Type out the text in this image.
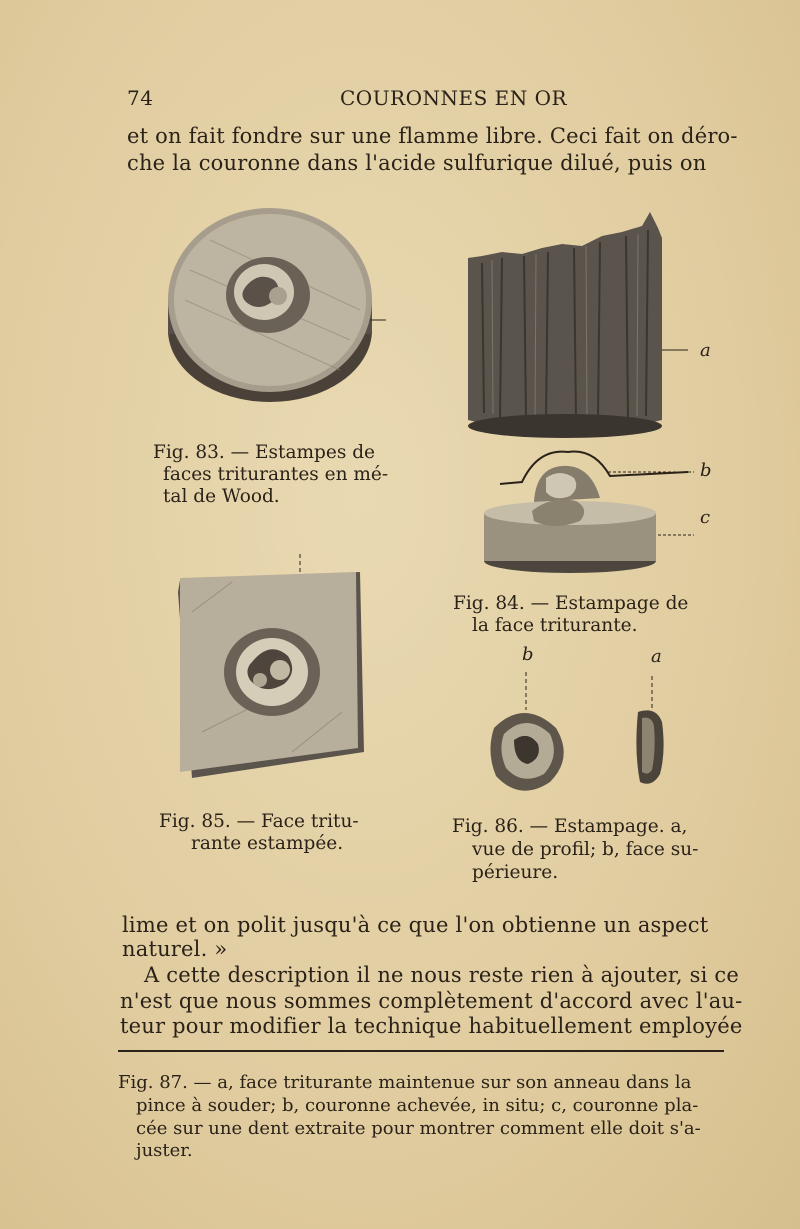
74	COURONNES EN OR
et on fait fondre sur une flamme libre. Ceci fait on déro-
che la couronne dans l'acide sulfurique dilué, puis on
a
b
c
Fig. 83. — Estampes de
faces triturantes en mé-
tal de Wood.
Fig. 84. — Estampage de
la face triturante.
b	a
Fig. 85. — Face tritu-
rante estampée.
Fig. 86. — Estampage. a,
vue de profil; b, face su-
périeure.
lime et on polit jusqu'à ce que l'on obtienne un aspect
naturel. »
A cette description il ne nous reste rien à ajouter, si ce
n'est que nous sommes complètement d'accord avec l'au-
teur pour modifier la technique habituellement employée
Fig. 87. — a, face triturante maintenue sur son anneau dans la
pince à souder; b, couronne achevée, in situ; c, couronne pla-
cée sur une dent extraite pour montrer comment elle doit s'a-
juster.
